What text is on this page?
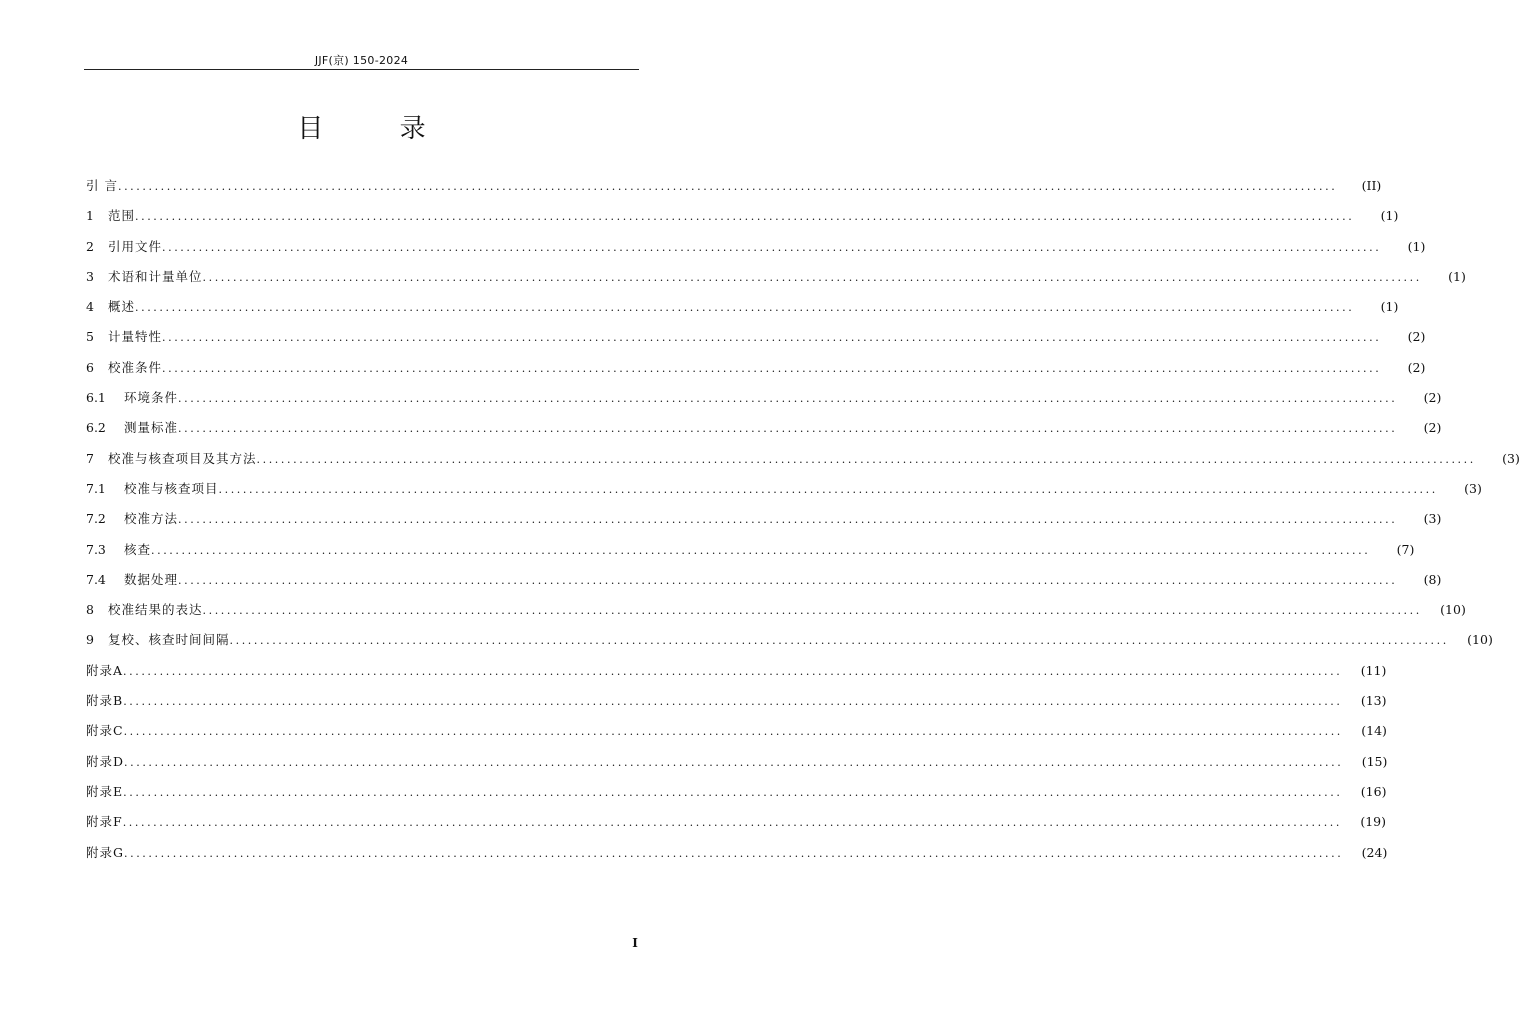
JJF(京) 150-2024
目 录
引 言 ........................................................................................................................................................................................................	(II)
1	范围 ........................................................................................................................................................................................................	(1)
2	引用文件 ........................................................................................................................................................................................................	(1)
3	术语和计量单位 ........................................................................................................................................................................................................	(1)
4	概述 ........................................................................................................................................................................................................	(1)
5	计量特性 ........................................................................................................................................................................................................	(2)
6	校准条件 ........................................................................................................................................................................................................	(2)
6.1	环境条件 ........................................................................................................................................................................................................	(2)
6.2	测量标准 ........................................................................................................................................................................................................	(2)
7	校准与核查项目及其方法 ........................................................................................................................................................................................................	(3)
7.1	校准与核查项目 ........................................................................................................................................................................................................	(3)
7.2	校准方法 ........................................................................................................................................................................................................	(3)
7.3	核查 ........................................................................................................................................................................................................	(7)
7.4	数据处理 ........................................................................................................................................................................................................	(8)
8	校准结果的表达 ........................................................................................................................................................................................................	(10)
9	复校、核查时间间隔 ........................................................................................................................................................................................................	(10)
附录A ........................................................................................................................................................................................................	(11)
附录B ........................................................................................................................................................................................................	(13)
附录C ........................................................................................................................................................................................................	(14)
附录D ........................................................................................................................................................................................................	(15)
附录E ........................................................................................................................................................................................................	(16)
附录F ........................................................................................................................................................................................................	(19)
附录G ........................................................................................................................................................................................................	(24)
I
